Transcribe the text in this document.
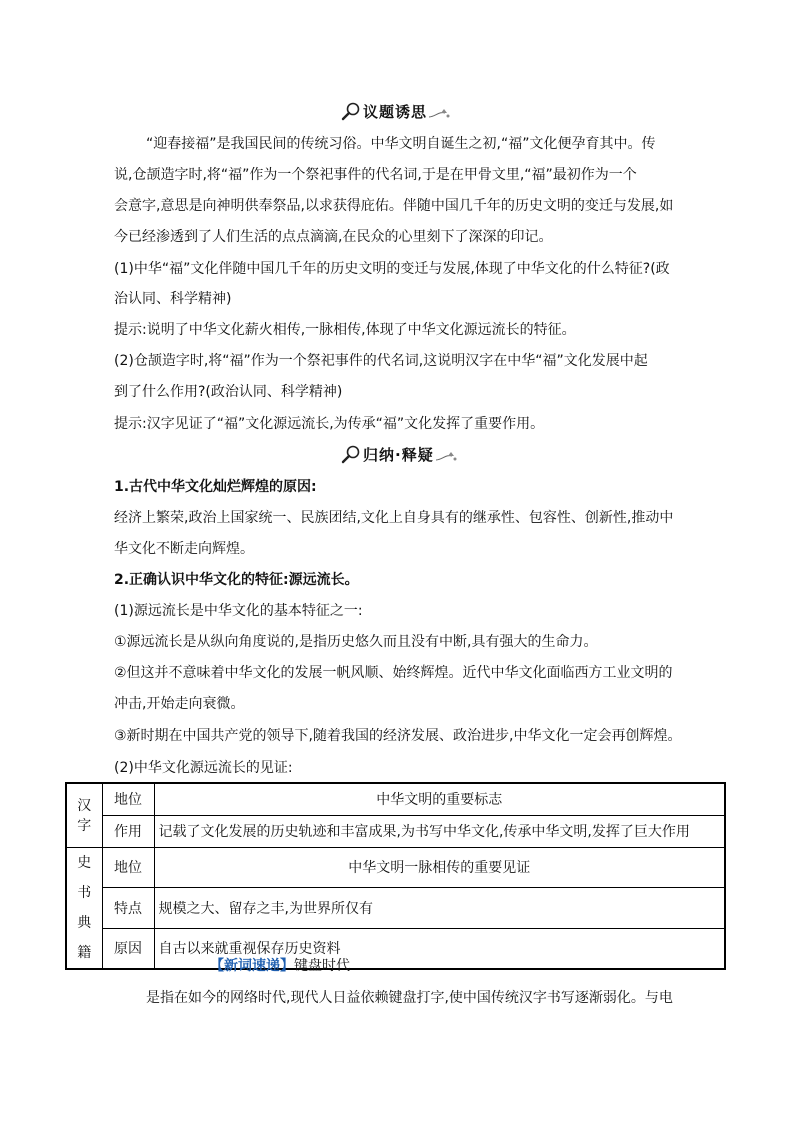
议题诱思
“迎春接福”是我国民间的传统习俗。中华文明自诞生之初,“福”文化便孕育其中。传
说,仓颉造字时,将“福”作为一个祭祀事件的代名词,于是在甲骨文里,“福”最初作为一个
会意字,意思是向神明供奉祭品,以求获得庇佑。伴随中国几千年的历史文明的变迁与发展,如
今已经渗透到了人们生活的点点滴滴,在民众的心里刻下了深深的印记。
(1)中华“福”文化伴随中国几千年的历史文明的变迁与发展,体现了中华文化的什么特征?(政
治认同、科学精神)
提示:说明了中华文化薪火相传,一脉相传,体现了中华文化源远流长的特征。
(2)仓颉造字时,将“福”作为一个祭祀事件的代名词,这说明汉字在中华“福”文化发展中起
到了什么作用?(政治认同、科学精神)
提示:汉字见证了“福”文化源远流长,为传承“福”文化发挥了重要作用。
归纳·释疑
1.古代中华文化灿烂辉煌的原因:
经济上繁荣,政治上国家统一、民族团结,文化上自身具有的继承性、包容性、创新性,推动中
华文化不断走向辉煌。
2.正确认识中华文化的特征:源远流长。
(1)源远流长是中华文化的基本特征之一:
①源远流长是从纵向角度说的,是指历史悠久而且没有中断,具有强大的生命力。
②但这并不意味着中华文化的发展一帆风顺、始终辉煌。近代中华文化面临西方工业文明的
冲击,开始走向衰微。
③新时期在中国共产党的领导下,随着我国的经济发展、政治进步,中华文化一定会再创辉煌。
(2)中华文化源远流长的见证:
汉字	地位	中华文明的重要标志
	作用	记载了文化发展的历史轨迹和丰富成果,为书写中华文化,传承中华文明,发挥了巨大作用
史书
典籍	地位	中华文明一脉相传的重要见证
	特点	规模之大、留存之丰,为世界所仅有
	原因	自古以来就重视保存历史资料
【新词速递】键盘时代
是指在如今的网络时代,现代人日益依赖键盘打字,使中国传统汉字书写逐渐弱化。与电
